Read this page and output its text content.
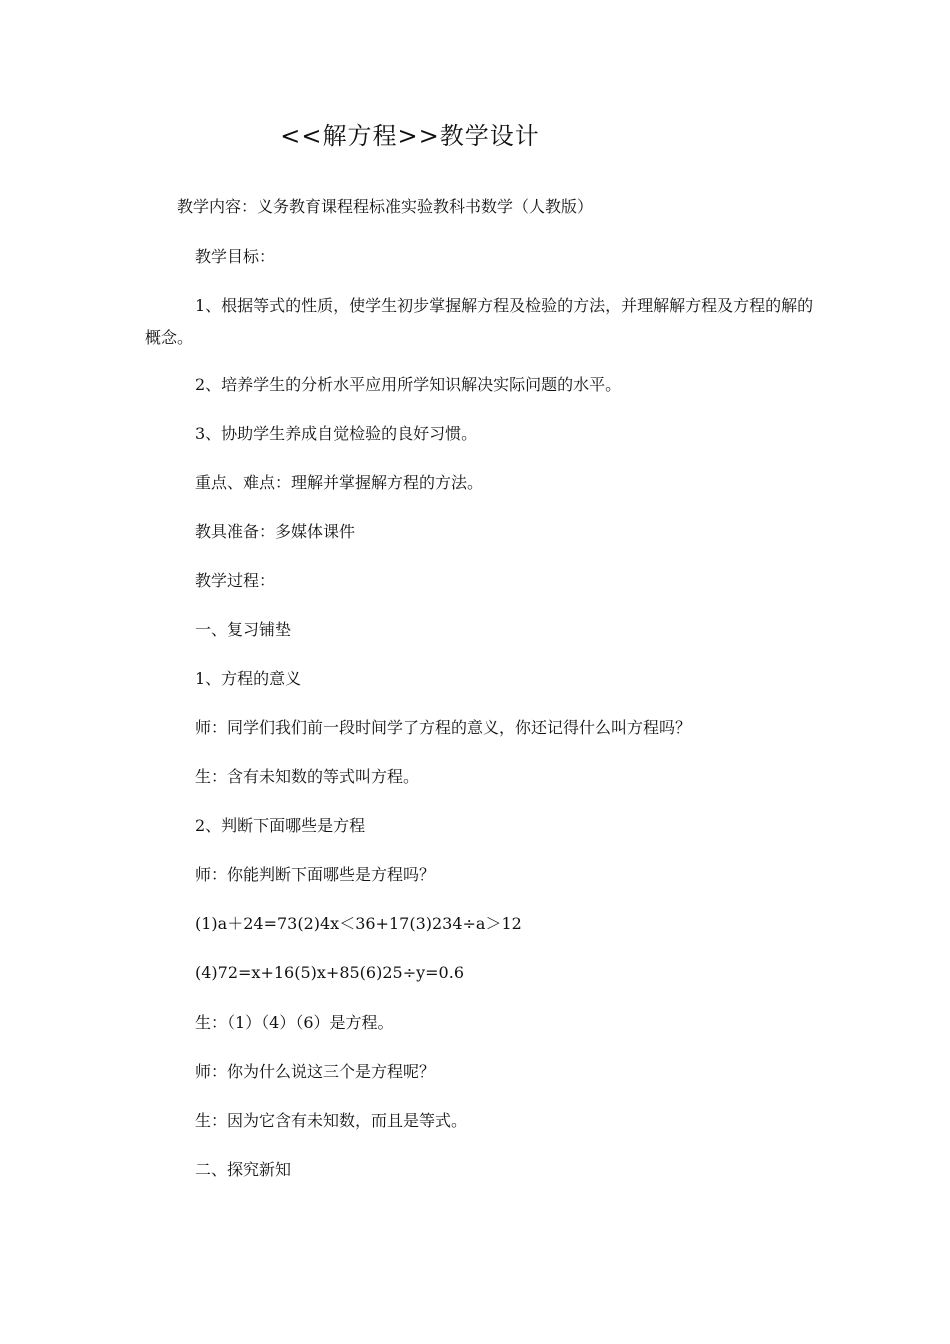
<<解方程>>教学设计
教学内容：义务教育课程程标准实验教科书数学（人教版）
教学目标：
1、根据等式的性质，使学生初步掌握解方程及检验的方法，并理解解方程及方程的解的概念。
2、培养学生的分析水平应用所学知识解决实际问题的水平。
3、协助学生养成自觉检验的良好习惯。
重点、难点：理解并掌握解方程的方法。
教具准备：多媒体课件
教学过程：
一、复习铺垫
1、方程的意义
师：同学们我们前一段时间学了方程的意义，你还记得什么叫方程吗？
生：含有未知数的等式叫方程。
2、判断下面哪些是方程
师：你能判断下面哪些是方程吗？
(1)a＋24=73(2)4x＜36+17(3)234÷a＞12
(4)72=x+16(5)x+85(6)25÷y=0.6
生：（1）（4）（6）是方程。
师：你为什么说这三个是方程呢？
生：因为它含有未知数，而且是等式。
二、探究新知
